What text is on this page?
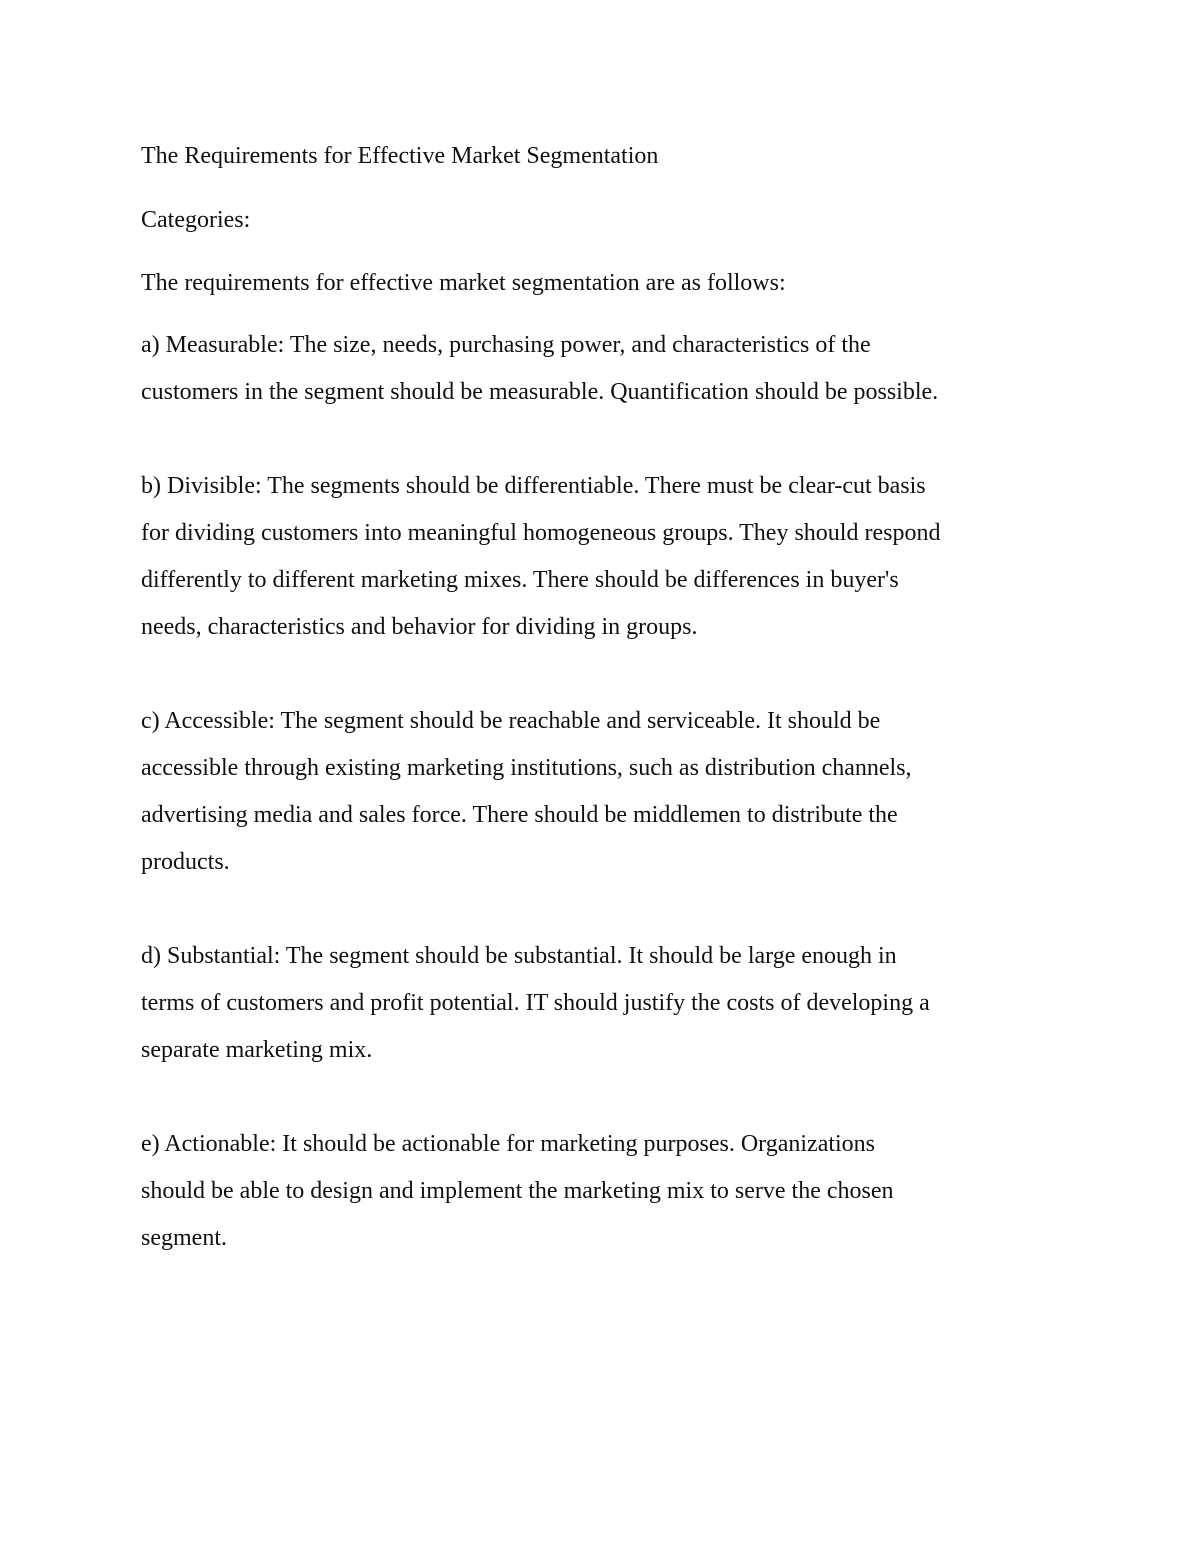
The Requirements for Effective Market Segmentation

Categories:

The requirements for effective market segmentation are as follows:

a) Measurable: The size, needs, purchasing power, and characteristics of the

customers in the segment should be measurable. Quantification should be possible.

b) Divisible: The segments should be differentiable. There must be clear-cut basis

for dividing customers into meaningful homogeneous groups. They should respond

differently to different marketing mixes. There should be differences in buyer's

needs, characteristics and behavior for dividing in groups.

c) Accessible: The segment should be reachable and serviceable. It should be

accessible through existing marketing institutions, such as distribution channels,

advertising media and sales force. There should be middlemen to distribute the

products.

d) Substantial: The segment should be substantial. It should be large enough in

terms of customers and profit potential. IT should justify the costs of developing a

separate marketing mix.

e) Actionable: It should be actionable for marketing purposes. Organizations

should be able to design and implement the marketing mix to serve the chosen

segment.
